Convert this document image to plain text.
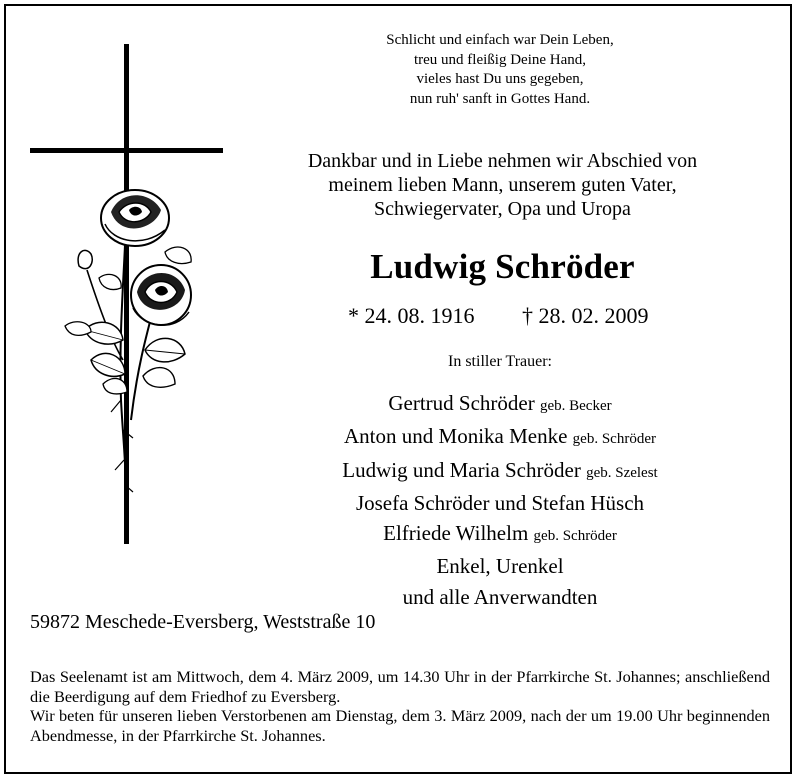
Schlicht und einfach war Dein Leben,
treu und fleißig Deine Hand,
vieles hast Du uns gegeben,
nun ruh' sanft in Gottes Hand.
Dankbar und in Liebe nehmen wir Abschied von
meinem lieben Mann, unserem guten Vater,
Schwiegervater, Opa und Uropa
Ludwig Schröder
* 24. 08. 1916 † 28. 02. 2009
In stiller Trauer:
Gertrud Schröder geb. Becker
Anton und Monika Menke geb. Schröder
Ludwig und Maria Schröder geb. Szelest
Josefa Schröder und Stefan Hüsch
Elfriede Wilhelm geb. Schröder
Enkel, Urenkel
und alle Anverwandten
59872 Meschede-Eversberg, Weststraße 10

Das Seelenamt ist am Mittwoch, dem 4. März 2009, um 14.30 Uhr in der Pfarrkirche St. Johannes; anschließend die Beerdigung auf dem Friedhof zu Eversberg.

Wir beten für unseren lieben Verstorbenen am Dienstag, dem 3. März 2009, nach der um 19.00 Uhr beginnenden Abendmesse, in der Pfarrkirche St. Johannes.
